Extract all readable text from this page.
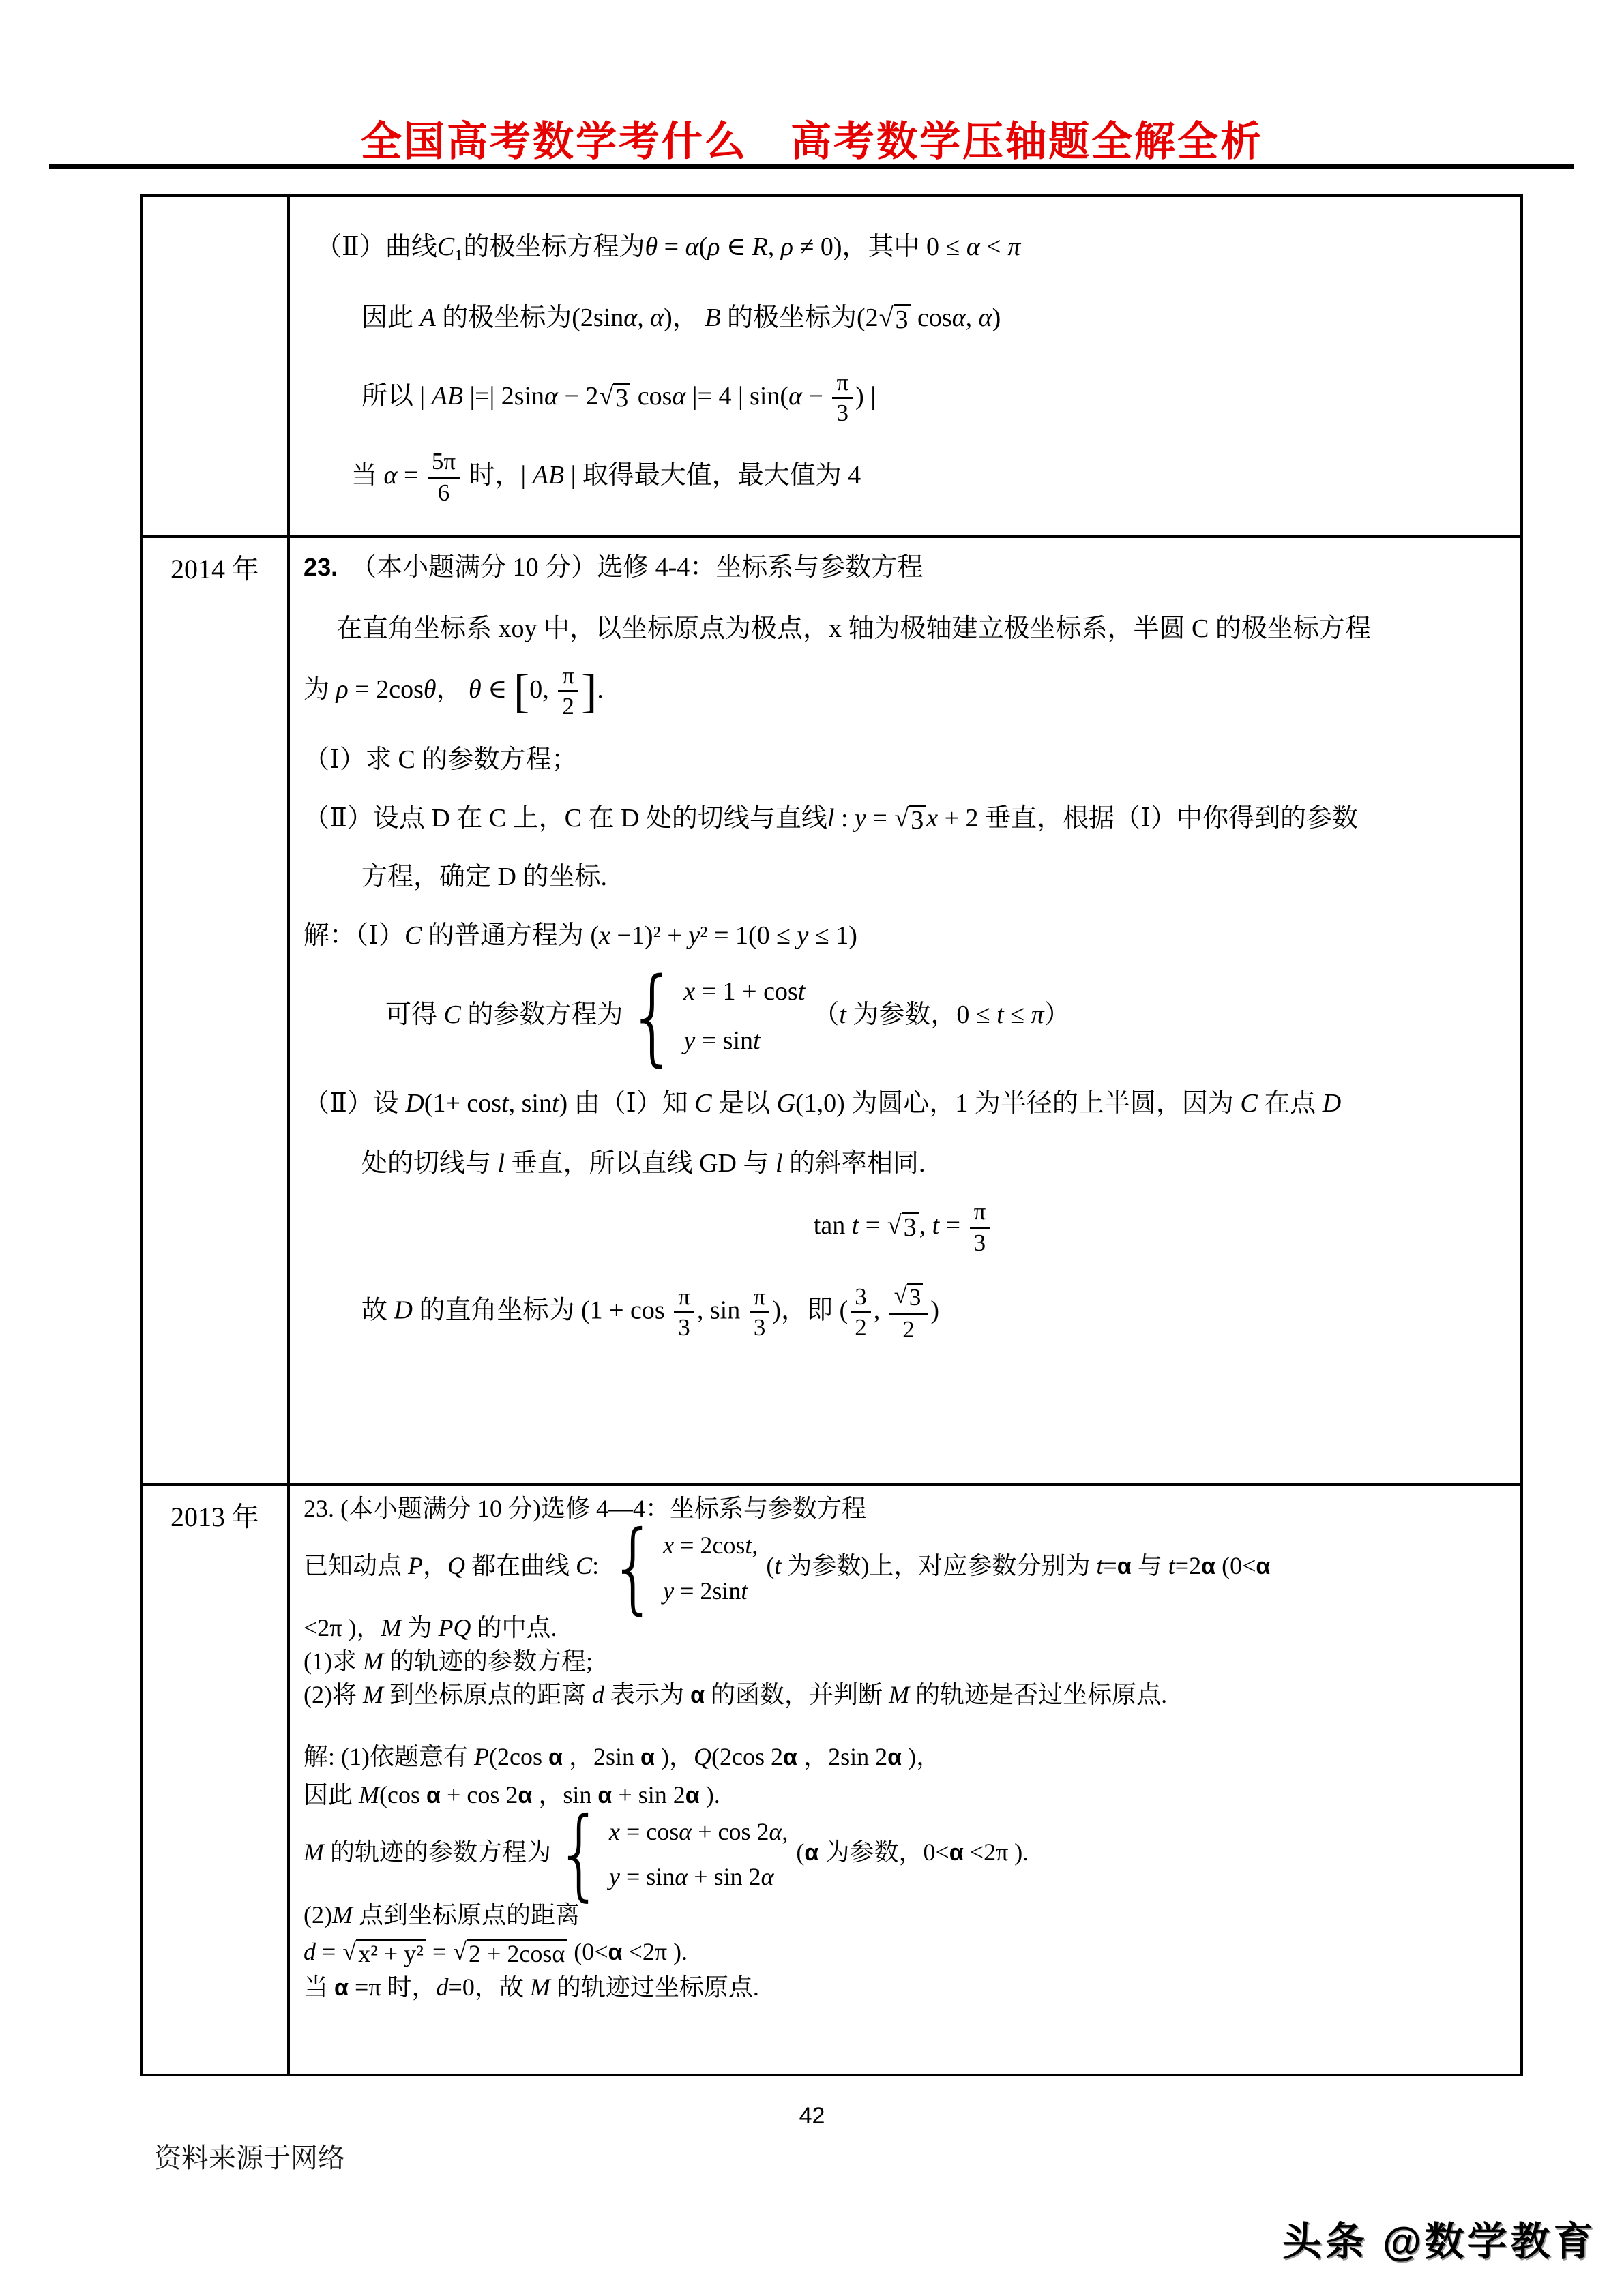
全国高考数学考什么　高考数学压轴题全解全析
（Ⅱ）曲线C₁的极坐标方程为θ = α(ρ ∈ R, ρ ≠ 0)，其中 0 ≤ α < π
因此 A 的极坐标为(2sinα, α)， B 的极坐标为(2 √ 3 cosα, α)
所以 | AB |=| 2sinα − 2 √ 3 cosα |= 4 | $\sin(\alpha - \frac{\pi}{3}$ ) |
当 $\alpha = \frac{5\pi}{6}$ 时，| AB | 取得最大值，最大值为 4
2014 年	23.　（本小题满分 10 分）选修 4-4：坐标系与参数方程
在直角坐标系 xoy 中，以坐标原点为极点，x 轴为极轴建立极坐标系，半圆 C 的极坐标方程
为 ρ = 2cosθ， θ ∈ [0, $\frac{\pi}{2}$ ].
（Ⅰ）求 C 的参数方程；
（Ⅱ）设点 D 在 C 上，C 在 D 处的切线与直线l : y = √ 3 x + 2 垂直，根据（Ⅰ）中你得到的参数
方程，确定 D 的坐标.
解：（Ⅰ）C 的普通方程为 (x −1)² + y² = 1(0 ≤ y ≤ 1)
可得 C 的参数方程为 { x = 1 + cost
y = sint
（t 为参数，0 ≤ t ≤ π）
（Ⅱ）设 D(1+ cost, sint) 由（Ⅰ）知 C 是以 G(1,0) 为圆心，1 为半径的上半圆，因为 C 在点 D
处的切线与 l 垂直，所以直线 GD 与 l 的斜率相同.
tan t = √ 3 , $t = \frac{\pi}{3}$
故 D 的直角坐标为 ($1 + \cos \frac{\pi}{3}$ , $\sin \frac{\pi}{3}$ )，即 ( $\frac{3}{2}$ , $\frac{√ 3}{2}$ )
2013 年	23. (本小题满分 10 分)选修 4—4：坐标系与参数方程
已知动点 P，Q 都在曲线 C: { x = 2cost,
y = 2sint
(t 为参数)上，对应参数分别为 t=α 与 t=2α (0<α
<2π )，M 为 PQ 的中点.
(1)求 M 的轨迹的参数方程;
(2)将 M 到坐标原点的距离 d 表示为 α 的函数，并判断 M 的轨迹是否过坐标原点.
解: (1)依题意有 P(2cos α ，2sin α )，Q(2cos 2α ，2sin 2α )，
因此 M(cos α + cos 2α ，sin α + sin 2α ).
M 的轨迹的参数方程为 { x = cosα + cos 2α,
y = sinα + sin 2α
(α 为参数，0<α <2π ).
(2)M 点到坐标原点的距离
d = √ x² + y² = √ 2 + 2cosα (0<α <2π ).
当 α =π 时，d=0，故 M 的轨迹过坐标原点.
42
资料来源于网络
头条 @数学教育
